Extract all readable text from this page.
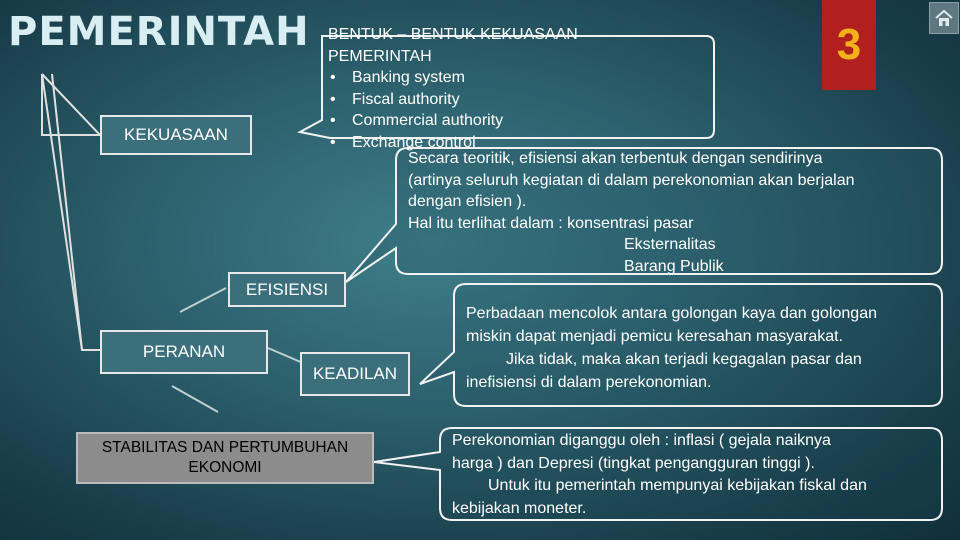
PEMERINTAH	3
KEKUASAAN
EFISIENSI
PERANAN
KEADILAN
STABILITAS DAN PERTUMBUHAN EKONOMI
BENTUK – BENTUK KEKUASAAN
PEMERINTAH
• Banking system
• Fiscal authority
• Commercial authority
• Exchange control
Secara teoritik, efisiensi akan terbentuk dengan sendirinya
(artinya seluruh kegiatan di dalam perekonomian akan berjalan
dengan efisien ).
Hal itu terlihat dalam : konsentrasi pasar
Eksternalitas
Barang Publik
Perbadaan mencolok antara golongan kaya dan golongan
miskin dapat menjadi pemicu keresahan masyarakat.
Jika tidak, maka akan terjadi kegagalan pasar dan
inefisiensi di dalam perekonomian.
Perekonomian diganggu oleh : inflasi ( gejala naiknya
harga ) dan Depresi (tingkat pengangguran tinggi ).
Untuk itu pemerintah mempunyai kebijakan fiskal dan
kebijakan moneter.
